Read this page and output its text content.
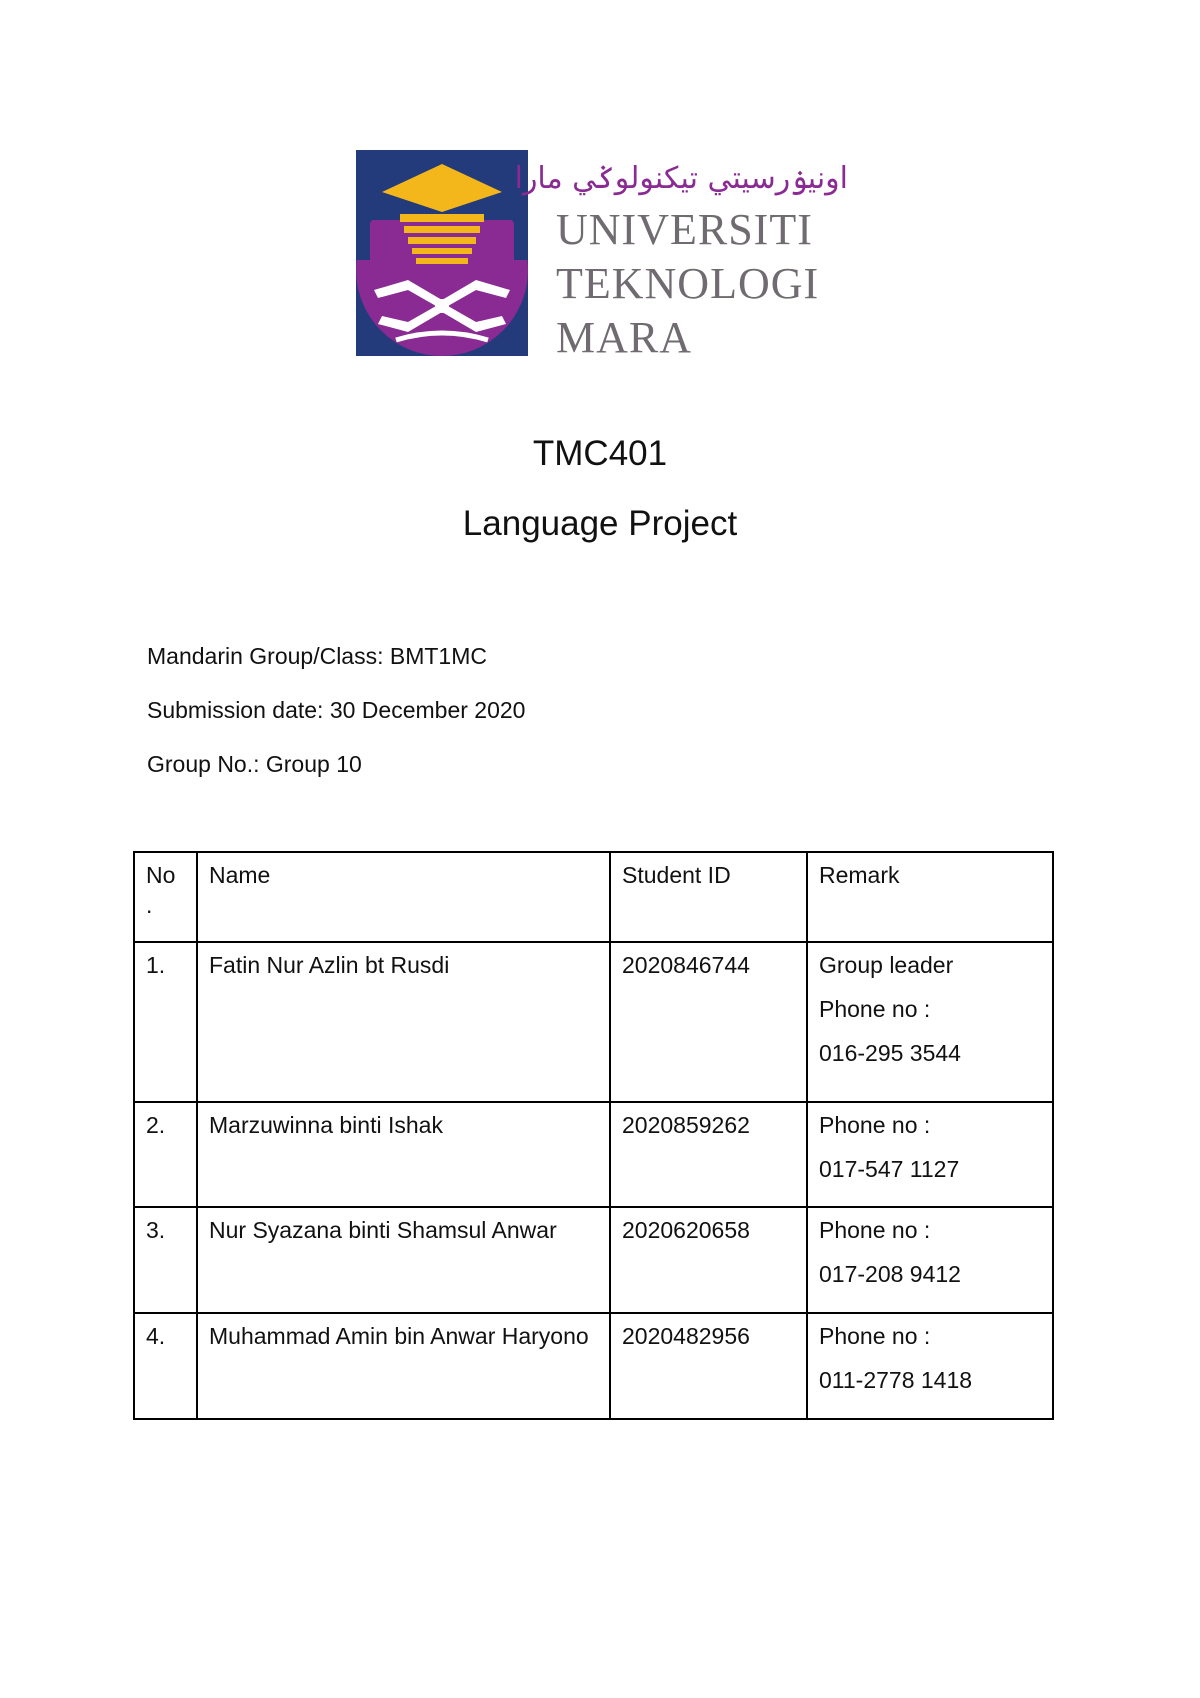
اونيۏرسيتي تيكنولوݢي مارا
UNIVERSITI
TEKNOLOGI
MARA
TMC401
Language Project
Mandarin Group/Class: BMT1MC
Submission date: 30 December 2020
Group No.: Group 10
No .	Name	Student ID	Remark
1.	Fatin Nur Azlin bt Rusdi	2020846744	Group leader
Phone no :
016-295 3544

2.	Marzuwinna binti Ishak	2020859262	Phone no :
017-547 1127

3.	Nur Syazana binti Shamsul Anwar	2020620658	Phone no :
017-208 9412

4.	Muhammad Amin bin Anwar Haryono	2020482956	Phone no :
011-2778 1418
